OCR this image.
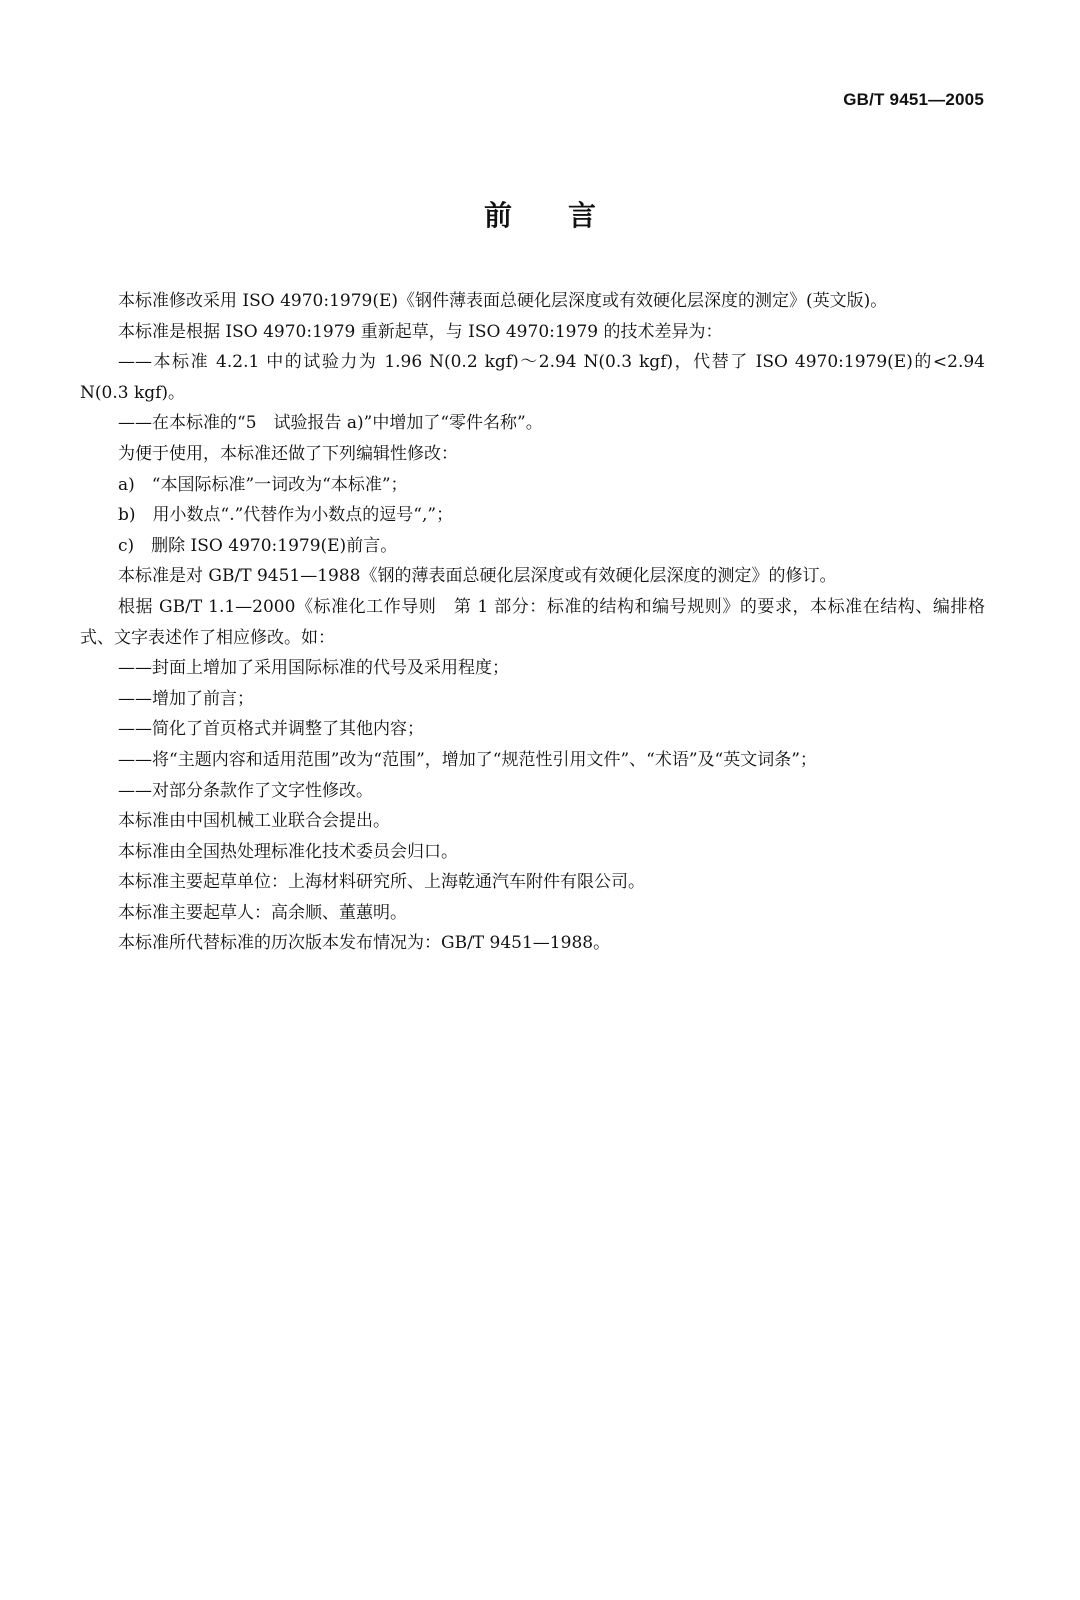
GB/T 9451—2005
前言

本标准修改采用 ISO 4970:1979(E)《钢件薄表面总硬化层深度或有效硬化层深度的测定》(英文版)。

本标准是根据 ISO 4970:1979 重新起草，与 ISO 4970:1979 的技术差异为：

——本标准 4.2.1 中的试验力为 1.96 N(0.2 kgf)～2.94 N(0.3 kgf)，代替了 ISO 4970:1979(E)的<2.94 N(0.3 kgf)。

——在本标准的“5　试验报告 a)”中增加了“零件名称”。

为便于使用，本标准还做了下列编辑性修改：

a)　“本国际标准”一词改为“本标准”；

b)　用小数点“.”代替作为小数点的逗号“,”；

c)　删除 ISO 4970:1979(E)前言。

本标准是对 GB/T 9451—1988《钢的薄表面总硬化层深度或有效硬化层深度的测定》的修订。

根据 GB/T 1.1—2000《标准化工作导则　第 1 部分：标准的结构和编号规则》的要求，本标准在结构、编排格式、文字表述作了相应修改。如：

——封面上增加了采用国际标准的代号及采用程度；

——增加了前言；

——简化了首页格式并调整了其他内容；

——将“主题内容和适用范围”改为“范围”，增加了“规范性引用文件”、“术语”及“英文词条”；

——对部分条款作了文字性修改。

本标准由中国机械工业联合会提出。

本标准由全国热处理标准化技术委员会归口。

本标准主要起草单位：上海材料研究所、上海乾通汽车附件有限公司。

本标准主要起草人：高余顺、董蕙明。

本标准所代替标准的历次版本发布情况为：GB/T 9451—1988。
